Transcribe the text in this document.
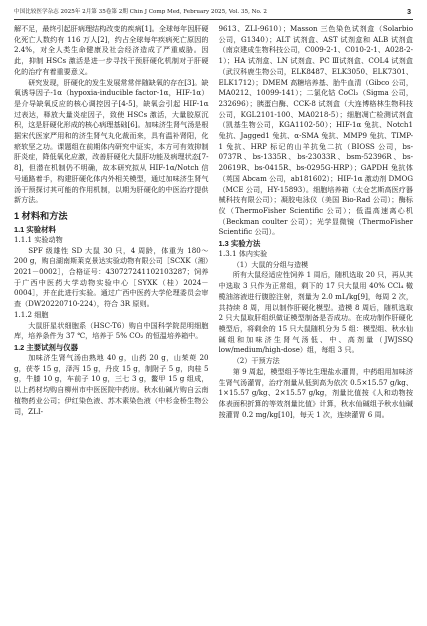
中国比较医学杂志 2025年 2月第 35卷第 2期 Chin J Comp Med, February 2025, Vol. 35, No. 2	3

解不足，最终引起肝病理结构改变的疾病[1]。全球每年因肝硬化死亡人数约有 116 万人[2]，约占全球每年疾病死亡原因的 2.4%，对全人类生命健康及社会经济造成了严重威胁。因此，抑制 HSCs 激活是进一步寻找干预肝硬化机制对于肝硬化的治疗有着重要意义。

研究发现，肝硬化的发生发展常常伴随缺氧的存在[3]。缺氧诱导因子-1α（hypoxia-inducible factor-1α，HIF-1α）是介导缺氧反应的核心调控因子[4-5]，缺氧会引起 HIF-1α 过表达，释放大量炎症因子，致使 HSCs 激活，大量胶原沉积，这是肝硬化形成的核心病理基础[6]。加味济生肾气汤是根据宋代医家严用和的济生肾气丸化裁而来，具有温补肾阳，化瘀软坚之功。课题组在前期体内研究中证实，本方可有效抑制肝炎症，降低氧化应激，改善肝硬化大鼠肝功能及病理状态[7-8]，但潜在机制仍不明确，故本研究拟从 HIF-1α/Notch 信号通路着手，构建肝硬化体内外相关模型，通过加味济生肾气汤干预探讨其可能的作用机制，以期为肝硬化的中医治疗提供新方法。

1 材料和方法
1.1 实验材料
1.1.1 实验动物

SPF 级雄性 SD 大鼠 30 只，4 周龄，体重为 180～200 g，购自湖南斯莱克景达实验动物有限公司［SCXK（湘）2021－0002］，合格证号：430727241102103287；饲养于广西中医药大学动物实验中心［SYXK（桂）2024－0004］，并在此进行实验。通过广西中医药大学伦理委员会审查（DW20220710-224），符合 3R 原则。

1.1.2 细胞

大鼠肝星状细胞系（HSC-T6）购自中国科学院昆明细胞库，培养条件为 37 ℃，培养于 5% CO₂ 的恒温培养箱中。

1.2 主要试剂与仪器

加味济生肾气汤由熟地 40 g，山药 20 g，山茱萸 20 g，茯苓 15 g，泽泻 15 g，丹皮 15 g，制附子 5 g，肉桂 5 g，牛膝 10 g，车前子 10 g，三七 3 g，鳖甲 15 g 组成，以上药材均购自柳州市中医医院中药房。秋水仙碱片购自云南植物药业公司；伊红染色液、苏木素染色液（中杉金桥生物公司，ZLI-

9613、ZLI-9610）；Masson 三色染色试剂盒（Solarbio 公司，G1340）；ALT 试剂盒、AST 试剂盒和 ALB 试剂盒（南京建成生物科技公司，C009-2-1、C010-2-1、A028-2-1）；HA 试剂盒、LN 试剂盒、PC Ⅲ试剂盒、COL4 试剂盒（武汉科鹿生物公司，ELK8487、ELK3050、ELK7301、ELK1712）；DMEM 高糖培养基、胎牛血清（Gibco 公司，MA0212、10099-141）；二氯化钴 CoCl₂（Sigma 公司，232696）；胰蛋白酶、CCK-8 试剂盒（大连博格林生物科技公司，KGL2101-100、MA0218-5）；细胞凋亡检测试剂盒（凯基生物公司，KGA1102-50）；HIF-1α 兔抗、Notch1 兔抗、Jagged1 兔抗、α-SMA 兔抗、MMP9 兔抗、TIMP-1 兔抗、HRP 标记的山羊抗兔二抗（BIOSS 公司，bs-0737R、bs-1335R、bs-23033R、bsm-52396R、bs-20619R、bs-0415R、bs-0295G-HRP）；GAPDH 兔抗体（英国 Abcam 公司，ab181602）；HIF-1α 激动剂 DMOG（MCE 公司，HY-15893）。细胞培养箱（太仓艺斯高医疗器械科技有限公司）；凝胶电泳仪（美国 Bio-Rad 公司）；酶标仪（ThermoFisher Scientific 公司）；低温高速离心机（Beckman coulter 公司）；光学显微镜（ThermoFisher Scientific 公司）。

1.3 实验方法
1.3.1 体内实验

（1）大鼠的分组与造模

所有大鼠经适应性饲养 1 周后，随机选取 20 只，再从其中选取 3 只作为正常组，剩下的 17 只大鼠用 40% CCl₄ 橄榄油溶液进行腹腔注射，剂量为 2.0 mL/kg[9]，每周 2 次，共持续 8 周，用以制作肝硬化模型。造模 8 周后，随机选取 2 只大鼠取肝组织做证模型制备是否成功。在成功制作肝硬化模型后，将剩余的 15 只大鼠随机分为 5 组：模型组、秋水仙碱组和加味济生肾气汤低、中、高剂量（JWJSSQ low/medium/high-dose）组，每组 3 只。

（2）干预方法

第 9 周起，模型组予等比生理盐水灌胃，中药组用加味济生肾气汤灌胃，治疗剂量从低到高为依次 0.5×15.57 g/kg、1×15.57 g/kg、2×15.57 g/kg，剂量比值按《人和动物按体表面积折算的等效剂量比值》计算，秋水仙碱组予秋水仙碱按灌胃 0.2 mg/kg[10]，每天 1 次，连续灌胃 6 周。
